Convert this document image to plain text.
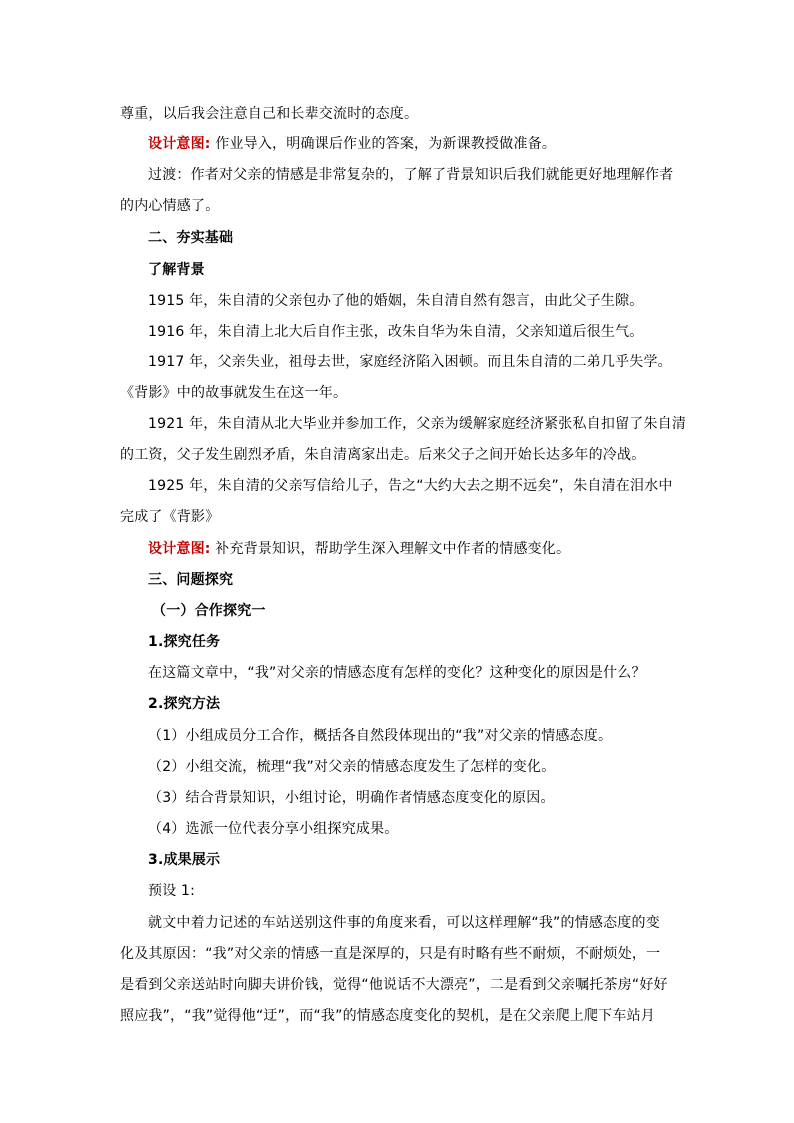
尊重，以后我会注意自己和长辈交流时的态度。
设计意图: 作业导入，明确课后作业的答案，为新课教授做准备。
过渡：作者对父亲的情感是非常复杂的，了解了背景知识后我们就能更好地理解作者
的内心情感了。
二、夯实基础
了解背景
1915 年，朱自清的父亲包办了他的婚姻，朱自清自然有怨言，由此父子生隙。
1916 年，朱自清上北大后自作主张，改朱自华为朱自清，父亲知道后很生气。
1917 年，父亲失业，祖母去世，家庭经济陷入困顿。而且朱自清的二弟几乎失学。
《背影》中的故事就发生在这一年。
1921 年，朱自清从北大毕业并参加工作，父亲为缓解家庭经济紧张私自扣留了朱自清
的工资，父子发生剧烈矛盾，朱自清离家出走。后来父子之间开始长达多年的冷战。
1925 年，朱自清的父亲写信给儿子，告之“大约大去之期不远矣”，朱自清在泪水中
完成了《背影》
设计意图: 补充背景知识，帮助学生深入理解文中作者的情感变化。
三、问题探究
（一）合作探究一
1.探究任务
在这篇文章中，“我”对父亲的情感态度有怎样的变化？这种变化的原因是什么？
2.探究方法
（1）小组成员分工合作，概括各自然段体现出的“我”对父亲的情感态度。
（2）小组交流，梳理“我”对父亲的情感态度发生了怎样的变化。
（3）结合背景知识，小组讨论，明确作者情感态度变化的原因。
（4）选派一位代表分享小组探究成果。
3.成果展示
预设 1:
就文中着力记述的车站送别这件事的角度来看，可以这样理解“我”的情感态度的变
化及其原因：“我”对父亲的情感一直是深厚的，只是有时略有些不耐烦，不耐烦处，一
是看到父亲送站时向脚夫讲价钱，觉得“他说话不大漂亮”，二是看到父亲嘱托茶房“好好
照应我”，“我”觉得他“迂”，而“我”的情感态度变化的契机，是在父亲爬上爬下车站月
